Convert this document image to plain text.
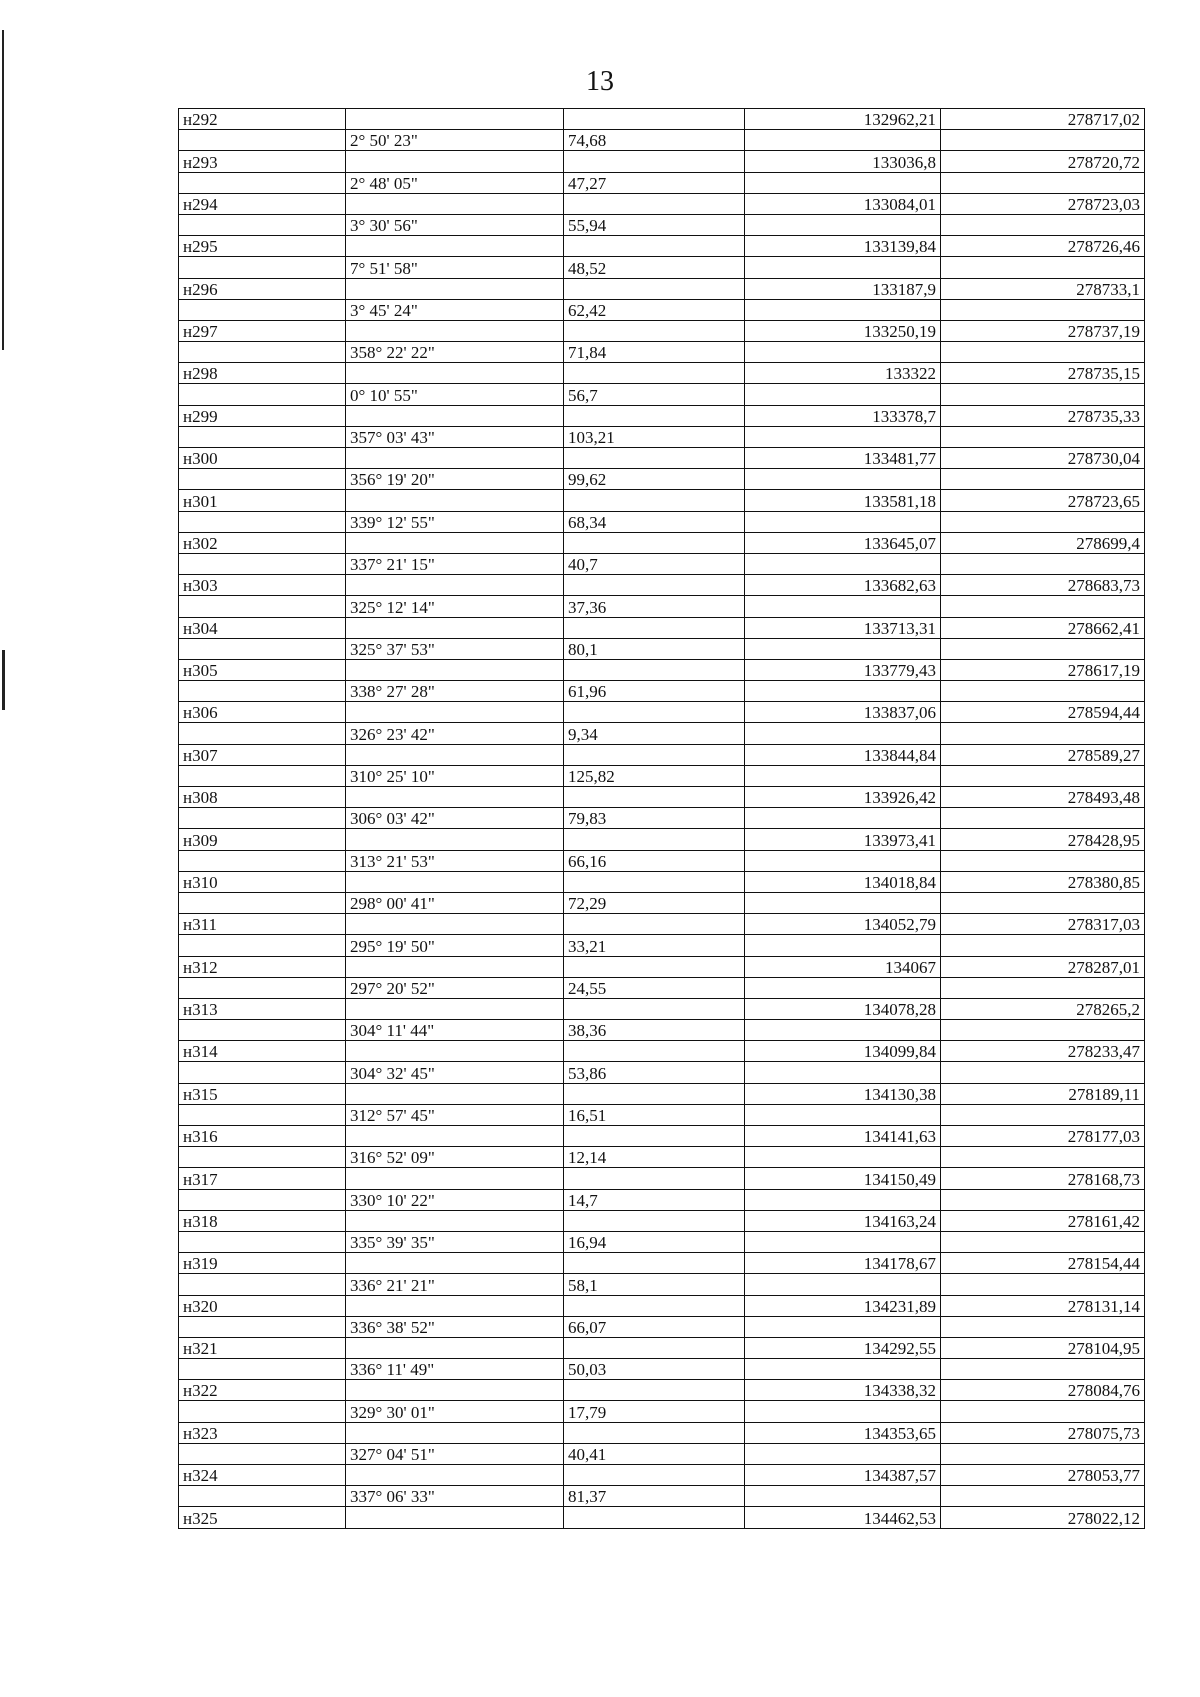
13
н292			132962,21	278717,02
	2° 50' 23"	74,68		
н293			133036,8	278720,72
	2° 48' 05"	47,27		
н294			133084,01	278723,03
	3° 30' 56"	55,94		
н295			133139,84	278726,46
	7° 51' 58"	48,52		
н296			133187,9	278733,1
	3° 45' 24"	62,42		
н297			133250,19	278737,19
	358° 22' 22"	71,84		
н298			133322	278735,15
	0° 10' 55"	56,7		
н299			133378,7	278735,33
	357° 03' 43"	103,21		
н300			133481,77	278730,04
	356° 19' 20"	99,62		
н301			133581,18	278723,65
	339° 12' 55"	68,34		
н302			133645,07	278699,4
	337° 21' 15"	40,7		
н303			133682,63	278683,73
	325° 12' 14"	37,36		
н304			133713,31	278662,41
	325° 37' 53"	80,1		
н305			133779,43	278617,19
	338° 27' 28"	61,96		
н306			133837,06	278594,44
	326° 23' 42"	9,34		
н307			133844,84	278589,27
	310° 25' 10"	125,82		
н308			133926,42	278493,48
	306° 03' 42"	79,83		
н309			133973,41	278428,95
	313° 21' 53"	66,16		
н310			134018,84	278380,85
	298° 00' 41"	72,29		
н311			134052,79	278317,03
	295° 19' 50"	33,21		
н312			134067	278287,01
	297° 20' 52"	24,55		
н313			134078,28	278265,2
	304° 11' 44"	38,36		
н314			134099,84	278233,47
	304° 32' 45"	53,86		
н315			134130,38	278189,11
	312° 57' 45"	16,51		
н316			134141,63	278177,03
	316° 52' 09"	12,14		
н317			134150,49	278168,73
	330° 10' 22"	14,7		
н318			134163,24	278161,42
	335° 39' 35"	16,94		
н319			134178,67	278154,44
	336° 21' 21"	58,1		
н320			134231,89	278131,14
	336° 38' 52"	66,07		
н321			134292,55	278104,95
	336° 11' 49"	50,03		
н322			134338,32	278084,76
	329° 30' 01"	17,79		
н323			134353,65	278075,73
	327° 04' 51"	40,41		
н324			134387,57	278053,77
	337° 06' 33"	81,37		
н325			134462,53	278022,12
